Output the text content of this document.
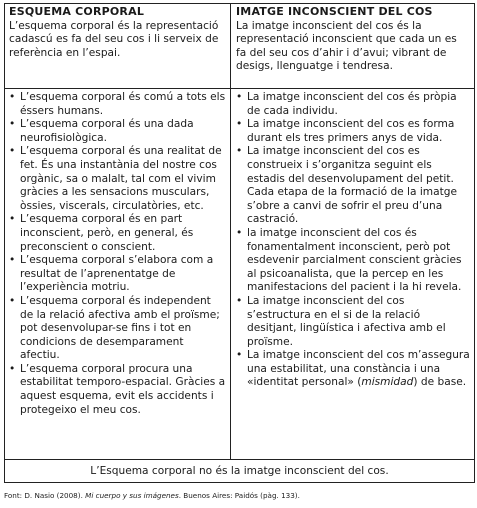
ESQUEMA CORPORAL

L’esquema corporal és la representació cadascú es fa del seu cos i li serveix de referència en l’espai.

IMATGE INCONSCIENT DEL COS

La imatge inconscient del cos és la representació inconscient que cada un es fa del seu cos d’ahir i d’avui; vibrant de desigs, llenguatge i tendresa.

• L’esquema corporal és comú a tots els éssers humans.
• L’esquema corporal és una dada neurofisiològica.
• L’esquema corporal és una realitat de fet. És una instantània del nostre cos orgànic, sa o malalt, tal com el vivim gràcies a les sensacions musculars, òssies, viscerals, circulatòries, etc.
• L’esquema corporal és en part inconscient, però, en general, és preconscient o conscient.
• L’esquema corporal s’elabora com a resultat de l’aprenentatge de l’experiència motriu.
• L’esquema corporal és independent de la relació afectiva amb el proïsme; pot desenvolupar-se fins i tot en condicions de desemparament afectiu.
• L’esquema corporal procura una estabilitat temporo-espacial. Gràcies a aquest esquema, evit els accidents i protegeixo el meu cos.
• La imatge inconscient del cos és pròpia de cada individu.
• La imatge inconscient del cos es forma durant els tres primers anys de vida.
• La imatge inconscient del cos es construeix i s’organitza seguint els estadis del desenvolupament del petit. Cada etapa de la formació de la imatge s’obre a canvi de sofrir el preu d’una castració.
• la imatge inconscient del cos és fonamentalment inconscient, però pot esdevenir parcialment conscient gràcies al psicoanalista, que la percep en les manifestacions del pacient i la hi revela.
• La imatge inconscient del cos s’estructura en el si de la relació desitjant, lingüística i afectiva amb el proïsme.
• La imatge inconscient del cos m’assegura una estabilitat, una constància i una «identitat personal» (mismidad) de base.
L’Esquema corporal no és la imatge inconscient del cos.
Font: D. Nasio (2008). Mi cuerpo y sus imágenes. Buenos Aires: Paidós (pàg. 133).
